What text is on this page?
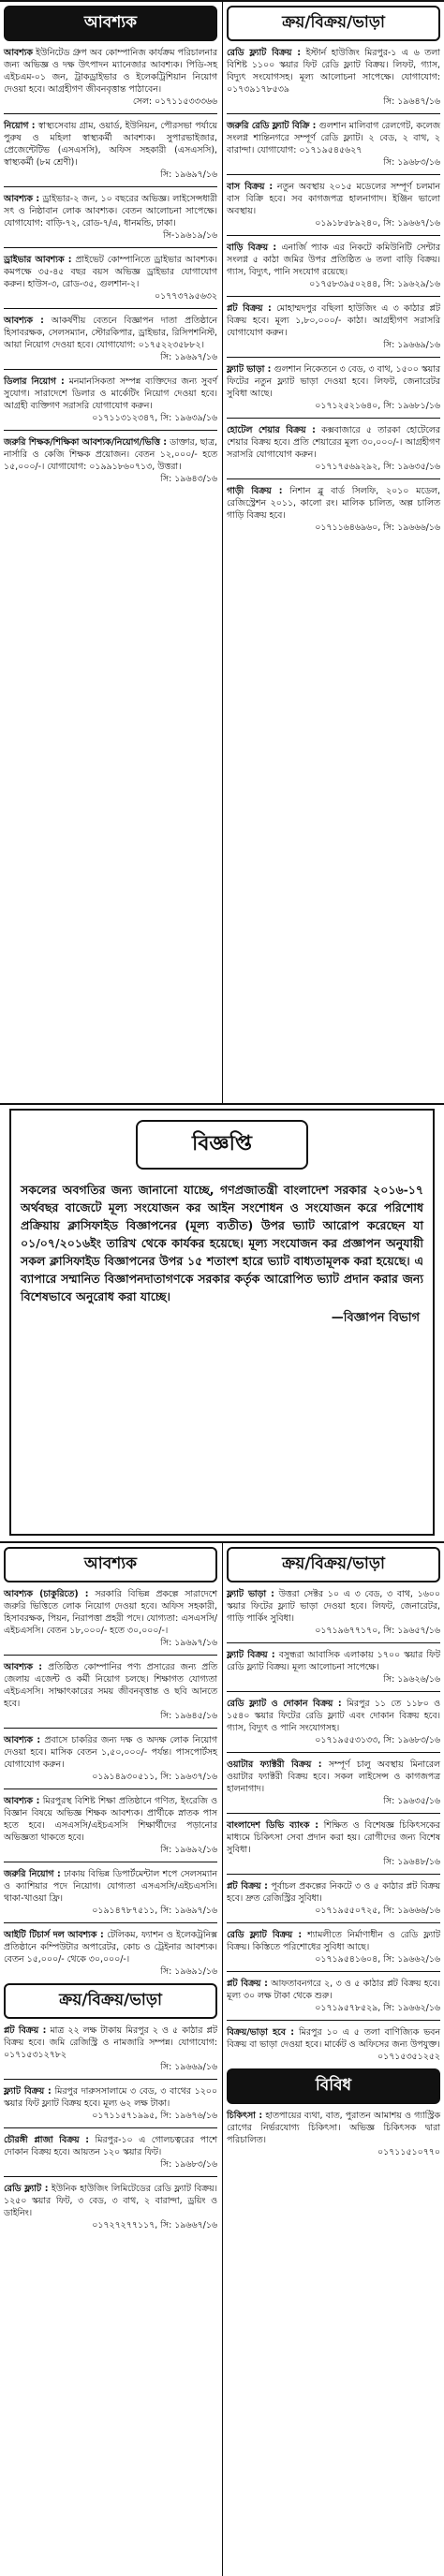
আবশ্যক
আবশ্যক ইউনিটেড গ্রুপ অব কোম্পানিজ কার্যক্রম পরিচালনার জন্য অভিজ্ঞ ও দক্ষ উৎপাদন ম্যানেজার আবশ্যক। পিডি-সহ এইচএম-০১ জন, ট্রাকড্রাইভার ও ইলেকট্রিশিয়ান নিয়োগ দেওয়া হবে। আগ্রহীগণ জীবনবৃত্তান্ত পাঠাবেন।
সেল: ০১৭১১৫৩৩৩৬৬
নিয়োগ : স্বাস্থ্যসেবায় গ্রাম, ওয়ার্ড, ইউনিয়ন, পৌরসভা পর্যায়ে পুরুষ ও মহিলা স্বাস্থ্যকর্মী আবশ্যক। সুপারভাইজার, প্রেজেন্টেটিভ (এসএসসি), অফিস সহকারী (এসএসসি), স্বাস্থ্যকর্মী (৮ম শ্রেণী)।
সি: ১৯৬৯৭/১৬
আবশ্যক : ড্রাইভার-২ জন, ১০ বছরের অভিজ্ঞ। লাইসেন্সধারী সৎ ও নিষ্ঠাবান লোক আবশ্যক। বেতন আলোচনা সাপেক্ষে। যোগাযোগ: বাড়ি-৭২, রোড-৭/এ, ধানমন্ডি, ঢাকা।
সি-১৯৬১৯/১৬
ড্রাইভার আবশ্যক : প্রাইভেট কোম্পানিতে ড্রাইভার আবশ্যক। কমপক্ষে ৩৫-৪৫ বছর বয়স অভিজ্ঞ ড্রাইভার যোগাযোগ করুন। হাউস-৩, রোড-৩৫, গুলশান-২।
০১৭৭৩৭৯৫৬৩২
আবশ্যক : আকর্ষণীয় বেতনে বিজ্ঞাপন দাতা প্রতিষ্ঠানে হিসাবরক্ষক, সেলসম্যান, স্টোরকিপার, ড্রাইভার, রিসিপশনিস্ট, আয়া নিয়োগ দেওয়া হবে। যোগাযোগ: ০১৭৫২২৩৫৮৮২।
সি: ১৯৬৯৭/১৬
ডিলার নিয়োগ : মনমানসিকতা সম্পন্ন ব্যক্তিদের জন্য সুবর্ণ সুযোগ। সারাদেশে ডিলার ও মার্কেটিং নিয়োগ দেওয়া হবে। আগ্রহী ব্যক্তিগণ সরাসরি যোগাযোগ করুন।
০১৭১১৩১২৩৪৭, সি: ১৯৬৩৯/১৬
জরুরি শিক্ষক/শিক্ষিকা আবশ্যক/নিয়োগ/ভিত্তি : ডাক্তার, ছাত্র, নার্সারি ও কেজি শিক্ষক প্রয়োজন। বেতন ১২,০০০/- হতে ১৫,০০০/-। যোগাযোগ: ০১৯৯১৮৬০৭১৩, উত্তরা।
সি: ১৯৬৪৩/১৬
ক্রয়/বিক্রয়/ভাড়া
রেডি ফ্ল্যাট বিক্রয় : ইস্টার্ন হাউজিং মিরপুর-১ এ ৬ তলা বিশিষ্ট ১১০০ স্কয়ার ফিট রেডি ফ্ল্যাট বিক্রয়। লিফট, গ্যাস, বিদ্যুৎ সংযোগসহ। মূল্য আলোচনা সাপেক্ষে। যোগাযোগ: ০১৭৩৯১৭৮৫৩৯
সি: ১৯৬৪৭/১৬
জরুরি রেডি ফ্ল্যাট বিক্রি : গুলশান মালিবাগ রেলগেট, কলেজ সংলগ্ন শান্তিনগরে সম্পূর্ণ রেডি ফ্ল্যাট। ২ বেড, ২ বাথ, ২ বারান্দা। যোগাযোগ: ০১৭১৯৫৪৫৬২৭
সি: ১৯৬৮৩/১৬
বাস বিক্রয় : নতুন অবস্থায় ২০১৫ মডেলের সম্পূর্ণ চলমান বাস বিক্রি হবে। সব কাগজপত্র হালনাগাদ। ইঞ্জিন ভালো অবস্থায়।
০১৯১৮৫৮৯২৪০, সি: ১৯৬৬৭/১৬
বাড়ি বিক্রয় : এনার্জি প্যাক এর নিকটে কমিউনিটি সেন্টার সংলগ্ন ৫ কাঠা জমির উপর প্রতিষ্ঠিত ৬ তলা বাড়ি বিক্রয়। গ্যাস, বিদ্যুৎ, পানি সংযোগ রয়েছে।
০১৭৫৮৩৯৫০২৪৪, সি: ১৯৬২৯/১৬
প্লট বিক্রয় : মোহাম্মদপুর বছিলা হাউজিং এ ৩ কাঠার প্লট বিক্রয় হবে। মূল্য ১,৮০,০০০/- কাঠা। আগ্রহীগণ সরাসরি যোগাযোগ করুন।
সি: ১৯৬৬৯/১৬
ফ্ল্যাট ভাড়া : গুলশান নিকেতনে ৩ বেড, ৩ বাথ, ১৫০০ স্কয়ার ফিটের নতুন ফ্ল্যাট ভাড়া দেওয়া হবে। লিফট, জেনারেটর সুবিধা আছে।
০১৭১২৫২১৬৪০, সি: ১৯৬৮১/১৬
হোটেল শেয়ার বিক্রয় : কক্সবাজারে ৫ তারকা হোটেলের শেয়ার বিক্রয় হবে। প্রতি শেয়ারের মূল্য ৩০,০০০/-। আগ্রহীগণ সরাসরি যোগাযোগ করুন।
০১৭১৭৫৬৯২৯২, সি: ১৯৬৩৫/১৬
গাড়ী বিক্রয় : নিশান ব্লু বার্ড সিলফি, ২০১০ মডেল, রেজিস্ট্রেশন ২০১১, কালো রং। মালিক চালিত, অল্প চালিত গাড়ি বিক্রয় হবে।
০১৭১১৬৪৬৯৬০, সি: ১৯৬৬৬/১৬
বিজ্ঞপ্তি
সকলের অবগতির জন্য জানানো যাচ্ছে, গণপ্রজাতন্ত্রী বাংলাদেশ সরকার ২০১৬-১৭ অর্থবছর বাজেটে মূল্য সংযোজন কর আইন সংশোধন ও সংযোজন করে পরিশোধ প্রক্রিয়ায় ক্লাসিফাইড বিজ্ঞাপনের (মূল্য ব্যতীত) উপর ভ্যাট আরোপ করেছেন যা ০১/০৭/২০১৬ইং তারিখ থেকে কার্যকর হয়েছে। মূল্য সংযোজন কর প্রজ্ঞাপন অনুযায়ী সকল ক্লাসিফাইড বিজ্ঞাপনের উপর ১৫ শতাংশ হারে ভ্যাট বাধ্যতামূলক করা হয়েছে। এ ব্যাপারে সম্মানিত বিজ্ঞাপনদাতাগণকে সরকার কর্তৃক আরোপিত ভ্যাট প্রদান করার জন্য বিশেষভাবে অনুরোধ করা যাচ্ছে।
—বিজ্ঞাপন বিভাগ
আবশ্যক
আবশ্যক (চাকুরিতে) : সরকারি বিভিন্ন প্রকল্পে সারাদেশে জরুরি ভিত্তিতে লোক নিয়োগ দেওয়া হবে। অফিস সহকারী, হিসাবরক্ষক, পিয়ন, নিরাপত্তা প্রহরী পদে। যোগ্যতা: এসএসসি/এইচএসসি। বেতন ১৮,০০০/- হতে ৩০,০০০/-।
সি: ১৯৬৯৭/১৬
আবশ্যক : প্রতিষ্ঠিত কোম্পানির পণ্য প্রসারের জন্য প্রতি জেলায় এজেন্ট ও কর্মী নিয়োগ চলছে। শিক্ষাগত যোগ্যতা এইচএসসি। সাক্ষাৎকারের সময় জীবনবৃত্তান্ত ও ছবি আনতে হবে।
সি: ১৯৬৪৫/১৬
আবশ্যক : প্রবাসে চাকরির জন্য দক্ষ ও অদক্ষ লোক নিয়োগ দেওয়া হবে। মাসিক বেতন ১,৫০,০০০/- পর্যন্ত। পাসপোর্টসহ যোগাযোগ করুন।
০১৯১৪৯৩০৫১১, সি: ১৯৬৩৭/১৬
আবশ্যক : মিরপুরস্থ বিশিষ্ট শিক্ষা প্রতিষ্ঠানে গণিত, ইংরেজি ও বিজ্ঞান বিষয়ে অভিজ্ঞ শিক্ষক আবশ্যক। প্রার্থীকে স্নাতক পাস হতে হবে। এসএসসি/এইচএসসি শিক্ষার্থীদের পড়ানোর অভিজ্ঞতা থাকতে হবে।
সি: ১৯৬৯২/১৬
জরুরি নিয়োগ : ঢাকায় বিভিন্ন ডিপার্টমেন্টাল শপে সেলসম্যান ও ক্যাশিয়ার পদে নিয়োগ। যোগ্যতা এসএসসি/এইচএসসি। থাকা-খাওয়া ফ্রি।
০১৯১৪৭৮৭৫১১, সি: ১৯৬৯৭/১৬
আইটি টিচার্স দল আবশ্যক : টেলিকম, ফ্যাশন ও ইলেকট্রনিক্স প্রতিষ্ঠানে কম্পিউটার অপারেটর, কোচ ও ট্রেইনার আবশ্যক। বেতন ১৫,০০০/- থেকে ৩০,০০০/-।
সি: ১৯৬৯১/১৬
ক্রয়/বিক্রয়/ভাড়া
প্লট বিক্রয় : মাত্র ২২ লক্ষ টাকায় মিরপুর ২ ও ৫ কাঠার প্লট বিক্রয় হবে। জমি রেজিস্ট্রি ও নামজারি সম্পন্ন। যোগাযোগ: ০১৭১৫৩১২৭৮২
সি: ১৯৬৬৯/১৬
ফ্ল্যাট বিক্রয় : মিরপুর দারুসসালামে ৩ বেড, ৩ বাথের ১২০০ স্কয়ার ফিট ফ্ল্যাট বিক্রয় হবে। মূল্য ৬২ লক্ষ টাকা।
০১৭১১৫৭১৯৯৫, সি: ১৯৬৭৬/১৬
চৌরঙ্গী প্লাজা বিক্রয় : মিরপুর-১০ এ গোলচত্বরের পাশে দোকান বিক্রয় হবে। আয়তন ১২০ স্কয়ার ফিট।
সি: ১৯৬৮৩/১৬
রেডি ফ্ল্যাট : ইউনিক হাউজিং লিমিটেডের রেডি ফ্ল্যাট বিক্রয়। ১২৫০ স্কয়ার ফিট, ৩ বেড, ৩ বাথ, ২ বারান্দা, ড্রয়িং ও ডাইনিং।
০১৭২৭২৭৭১১৭, সি: ১৯৬৬৭/১৬
ক্রয়/বিক্রয়/ভাড়া
ফ্ল্যাট ভাড়া : উত্তরা সেক্টর ১০ এ ৩ বেড, ৩ বাথ, ১৬০০ স্কয়ার ফিটের ফ্ল্যাট ভাড়া দেওয়া হবে। লিফট, জেনারেটর, গাড়ি পার্কিং সুবিধা।
০১৭১৯৬৭৭১৭০, সি: ১৯৬৫৭/১৬
ফ্ল্যাট বিক্রয় : বসুন্ধরা আবাসিক এলাকায় ১৭০০ স্কয়ার ফিট রেডি ফ্ল্যাট বিক্রয়। মূল্য আলোচনা সাপেক্ষে।
সি: ১৯৬২৬/১৬
রেডি ফ্ল্যাট ও দোকান বিক্রয় : মিরপুর ১১ তে ১১৮০ ও ১৫৪০ স্কয়ার ফিটের রেডি ফ্ল্যাট এবং দোকান বিক্রয় হবে। গ্যাস, বিদ্যুৎ ও পানি সংযোগসহ।
০১৭১৯৫৫৩১৩৩, সি: ১৯৬৮৩/১৬
ওয়াটার ফ্যাক্টরী বিক্রয় : সম্পূর্ণ চালু অবস্থায় মিনারেল ওয়াটার ফ্যাক্টরী বিক্রয় হবে। সকল লাইসেন্স ও কাগজপত্র হালনাগাদ।
সি: ১৯৬৩৫/১৬
বাংলাদেশ ডিভি ব্যাংক : শিক্ষিত ও বিশেষজ্ঞ চিকিৎসকের মাধ্যমে চিকিৎসা সেবা প্রদান করা হয়। রোগীদের জন্য বিশেষ সুবিধা।
সি: ১৯৬৪৮/১৬
প্লট বিক্রয় : পূর্বাচল প্রকল্পের নিকটে ৩ ও ৫ কাঠার প্লট বিক্রয় হবে। দ্রুত রেজিস্ট্রির সুবিধা।
০১৭১৯৫৫০৭২৫, সি: ১৯৬৬৬/১৬
রেডি ফ্ল্যাট বিক্রয় : শ্যামলীতে নির্মাণাধীন ও রেডি ফ্ল্যাট বিক্রয়। কিস্তিতে পরিশোধের সুবিধা আছে।
০১৭১৯৫৪১৬০৪, সি: ১৯৬৬২/১৬
প্লট বিক্রয় : আফতাবনগরে ২, ৩ ও ৫ কাঠার প্লট বিক্রয় হবে। মূল্য ৩০ লক্ষ টাকা থেকে শুরু।
০১৭১৯৫৭৮৫২৯, সি: ১৯৬৬২/১৬
বিক্রয়/ভাড়া হবে : মিরপুর ১০ এ ৫ তলা বাণিজ্যিক ভবন বিক্রয় বা ভাড়া দেওয়া হবে। মার্কেট ও অফিসের জন্য উপযুক্ত।
০১৭১৫৩৫১২৫২
বিবিধ
চিকিৎসা : হাতপায়ের ব্যথা, বাত, পুরাতন আমাশয় ও গ্যাস্ট্রিক রোগের নির্ভরযোগ্য চিকিৎসা। অভিজ্ঞ চিকিৎসক দ্বারা পরিচালিত।
০১৭১১৫১০৭৭০
